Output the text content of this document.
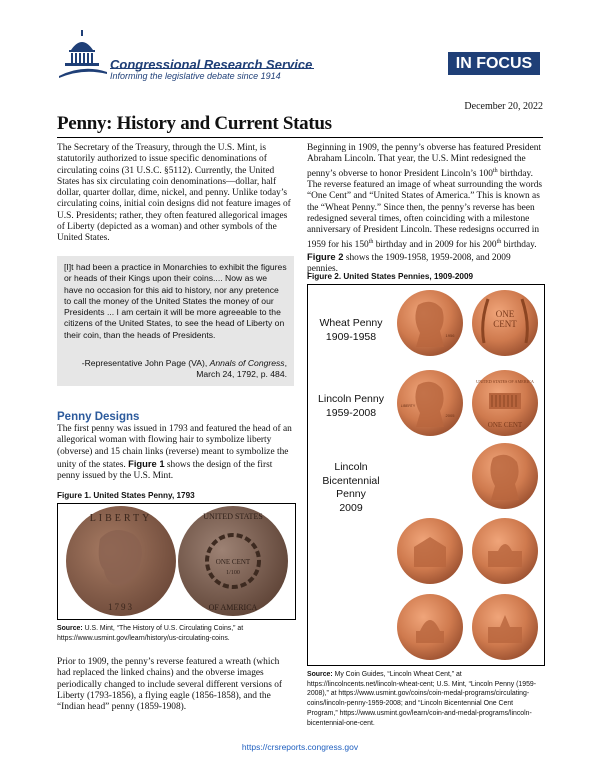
Congressional Research Service
Informing the legislative debate since 1914
IN FOCUS
December 20, 2022
Penny: History and Current Status
The Secretary of the Treasury, through the U.S. Mint, is statutorily authorized to issue specific denominations of circulating coins (31 U.S.C. §5112). Currently, the United States has six circulating coin denominations—dollar, half dollar, quarter dollar, dime, nickel, and penny. Unlike today’s circulating coins, initial coin designs did not feature images of U.S. Presidents; rather, they often featured allegorical images of Liberty (depicted as a woman) and other symbols of the United States.

[I]t had been a practice in Monarchies to exhibit the figures or heads of their Kings upon their coins.... Now as we have no occasion for this aid to history, nor any pretence to call the money of the United States the money of our Presidents ... I am certain it will be more agreeable to the citizens of the United States, to see the head of Liberty on their coin, than the heads of Presidents.

-Representative John Page (VA), Annals of Congress,
March 24, 1792, p. 484.

Penny Designs
The first penny was issued in 1793 and featured the head of an allegorical woman with flowing hair to symbolize liberty (obverse) and 15 chain links (reverse) meant to symbolize the unity of the states. Figure 1 shows the design of the first penny issued by the U.S. Mint.
Figure 1. United States Penny, 1793
LIBERTY
1793
UNITED STATES
ONE CENT
1/100
OF AMERICA
Source: U.S. Mint, “The History of U.S. Circulating Coins,” at https://www.usmint.gov/learn/history/us-circulating-coins.
Prior to 1909, the penny’s reverse featured a wreath (which had replaced the linked chains) and the obverse images periodically changed to include several different versions of Liberty (1793-1856), a flying eagle (1856-1858), and the “Indian head” penny (1859-1908).
Beginning in 1909, the penny’s obverse has featured President Abraham Lincoln. That year, the U.S. Mint redesigned the penny’s obverse to honor President Lincoln’s 100th birthday. The reverse featured an image of wheat surrounding the words “One Cent” and “United States of America.” This is known as the “Wheat Penny.” Since then, the penny’s reverse has been redesigned several times, often coinciding with a milestone anniversary of President Lincoln. These redesigns occurred in 1959 for his 150th birthday and in 2009 for his 200th birthday. Figure 2 shows the 1909-1958, 1959-2008, and 2009 pennies.
Figure 2. United States Pennies, 1909-2009
Wheat Penny
1909-1958
Lincoln Penny
1959-2008
Lincoln
Bicentennial
Penny
2009
1956
ONE
CENT
2005
LIBERTY
UNITED STATES OF AMERICA
ONE CENT
Source: My Coin Guides, “Lincoln Wheat Cent,” at https://lincolncents.net/lincoln-wheat-cent; U.S. Mint, “Lincoln Penny (1959-2008),” at https://www.usmint.gov/coins/coin-medal-programs/circulating-coins/lincoln-penny-1959-2008; and “Lincoln Bicentennial One Cent Program,” https://www.usmint.gov/learn/coin-and-medal-programs/lincoln-bicentennial-one-cent.
https://crsreports.congress.gov
